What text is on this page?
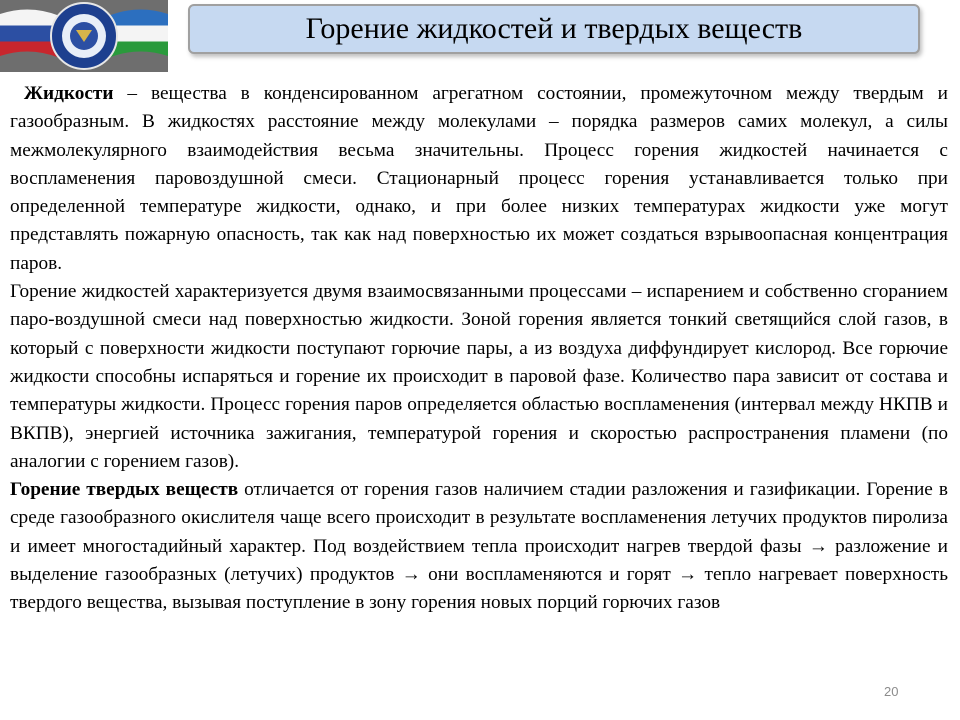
Горение жидкостей и твердых веществ

Жидкости – вещества в конденсированном агрегатном состоянии, промежуточном между твердым и газообразным. В жидкостях расстояние между молекулами – порядка размеров самих молекул, а силы межмолекулярного взаимодействия весьма значительны. Процесс горения жидкостей начинается с воспламенения паровоздушной смеси. Стационарный процесс горения устанавливается только при определенной температуре жидкости, однако, и при более низких температурах жидкости уже могут представлять пожарную опасность, так как над поверхностью их может создаться взрывоопасная концентрация паров.

Горение жидкостей характеризуется двумя взаимосвязанными процессами – испарением и собственно сгоранием паро-воздушной смеси над поверхностью жидкости. Зоной горения является тонкий светящийся слой газов, в который с поверхности жидкости поступают горючие пары, а из воздуха диффундирует кислород. Все горючие жидкости способны испаряться и горение их происходит в паровой фазе. Количество пара зависит от состава и температуры жидкости. Процесс горения паров определяется областью воспламенения (интервал между НКПВ и ВКПВ), энергией источника зажигания, температурой горения и скоростью распространения пламени (по аналогии с горением газов).

Горение твердых веществ отличается от горения газов наличием стадии разложения и газификации. Горение в среде газообразного окислителя чаще всего происходит в результате воспламенения летучих продуктов пиролиза и имеет многостадийный характер. Под воздействием тепла происходит нагрев твердой фазы → разложение и выделение газообразных (летучих) продуктов → они воспламеняются и горят → тепло нагревает поверхность твердого вещества, вызывая поступление в зону горения новых порций горючих газов

20
